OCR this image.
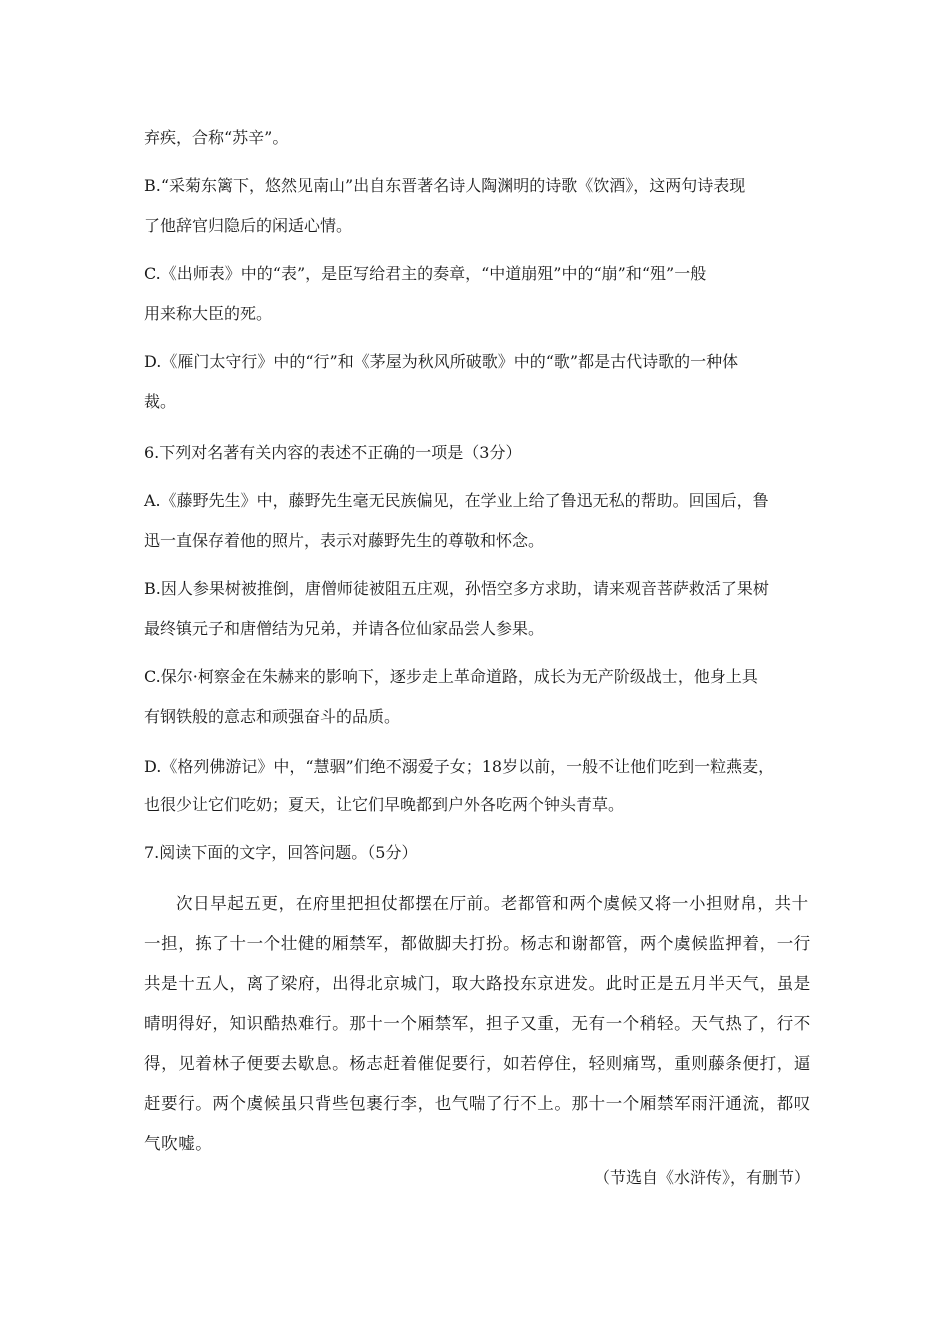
弃疾，合称“苏辛”。
B.“采菊东篱下，悠然见南山”出自东晋著名诗人陶渊明的诗歌《饮酒》，这两句诗表现
了他辞官归隐后的闲适心情。
C.《出师表》中的“表”，是臣写给君主的奏章，“中道崩殂”中的“崩”和“殂”一般
用来称大臣的死。
D.《雁门太守行》中的“行”和《茅屋为秋风所破歌》中的“歌”都是古代诗歌的一种体
裁。
6.下列对名著有关内容的表述不正确的一项是（3分）
A.《藤野先生》中，藤野先生毫无民族偏见，在学业上给了鲁迅无私的帮助。回国后，鲁
迅一直保存着他的照片，表示对藤野先生的尊敬和怀念。
B.因人参果树被推倒，唐僧师徒被阻五庄观，孙悟空多方求助，请来观音菩萨救活了果树
最终镇元子和唐僧结为兄弟，并请各位仙家品尝人参果。
C.保尔·柯察金在朱赫来的影响下，逐步走上革命道路，成长为无产阶级战士，他身上具
有钢铁般的意志和顽强奋斗的品质。
D.《格列佛游记》中，“慧骃”们绝不溺爱子女；18岁以前，一般不让他们吃到一粒燕麦，
也很少让它们吃奶；夏天，让它们早晚都到户外各吃两个钟头青草。
7.阅读下面的文字，回答问题。（5分）
次日早起五更，在府里把担仗都摆在厅前。老都管和两个虞候又将一小担财帛，共十
一担，拣了十一个壮健的厢禁军，都做脚夫打扮。杨志和谢都管，两个虞候监押着，一行
共是十五人，离了梁府，出得北京城门，取大路投东京进发。此时正是五月半天气，虽是
晴明得好，知识酷热难行。那十一个厢禁军，担子又重，无有一个稍轻。天气热了，行不
得，见着林子便要去歇息。杨志赶着催促要行，如若停住，轻则痛骂，重则藤条便打，逼
赶要行。两个虞候虽只背些包裹行李，也气喘了行不上。那十一个厢禁军雨汗通流，都叹
气吹嘘。
（节选自《水浒传》，有删节）
